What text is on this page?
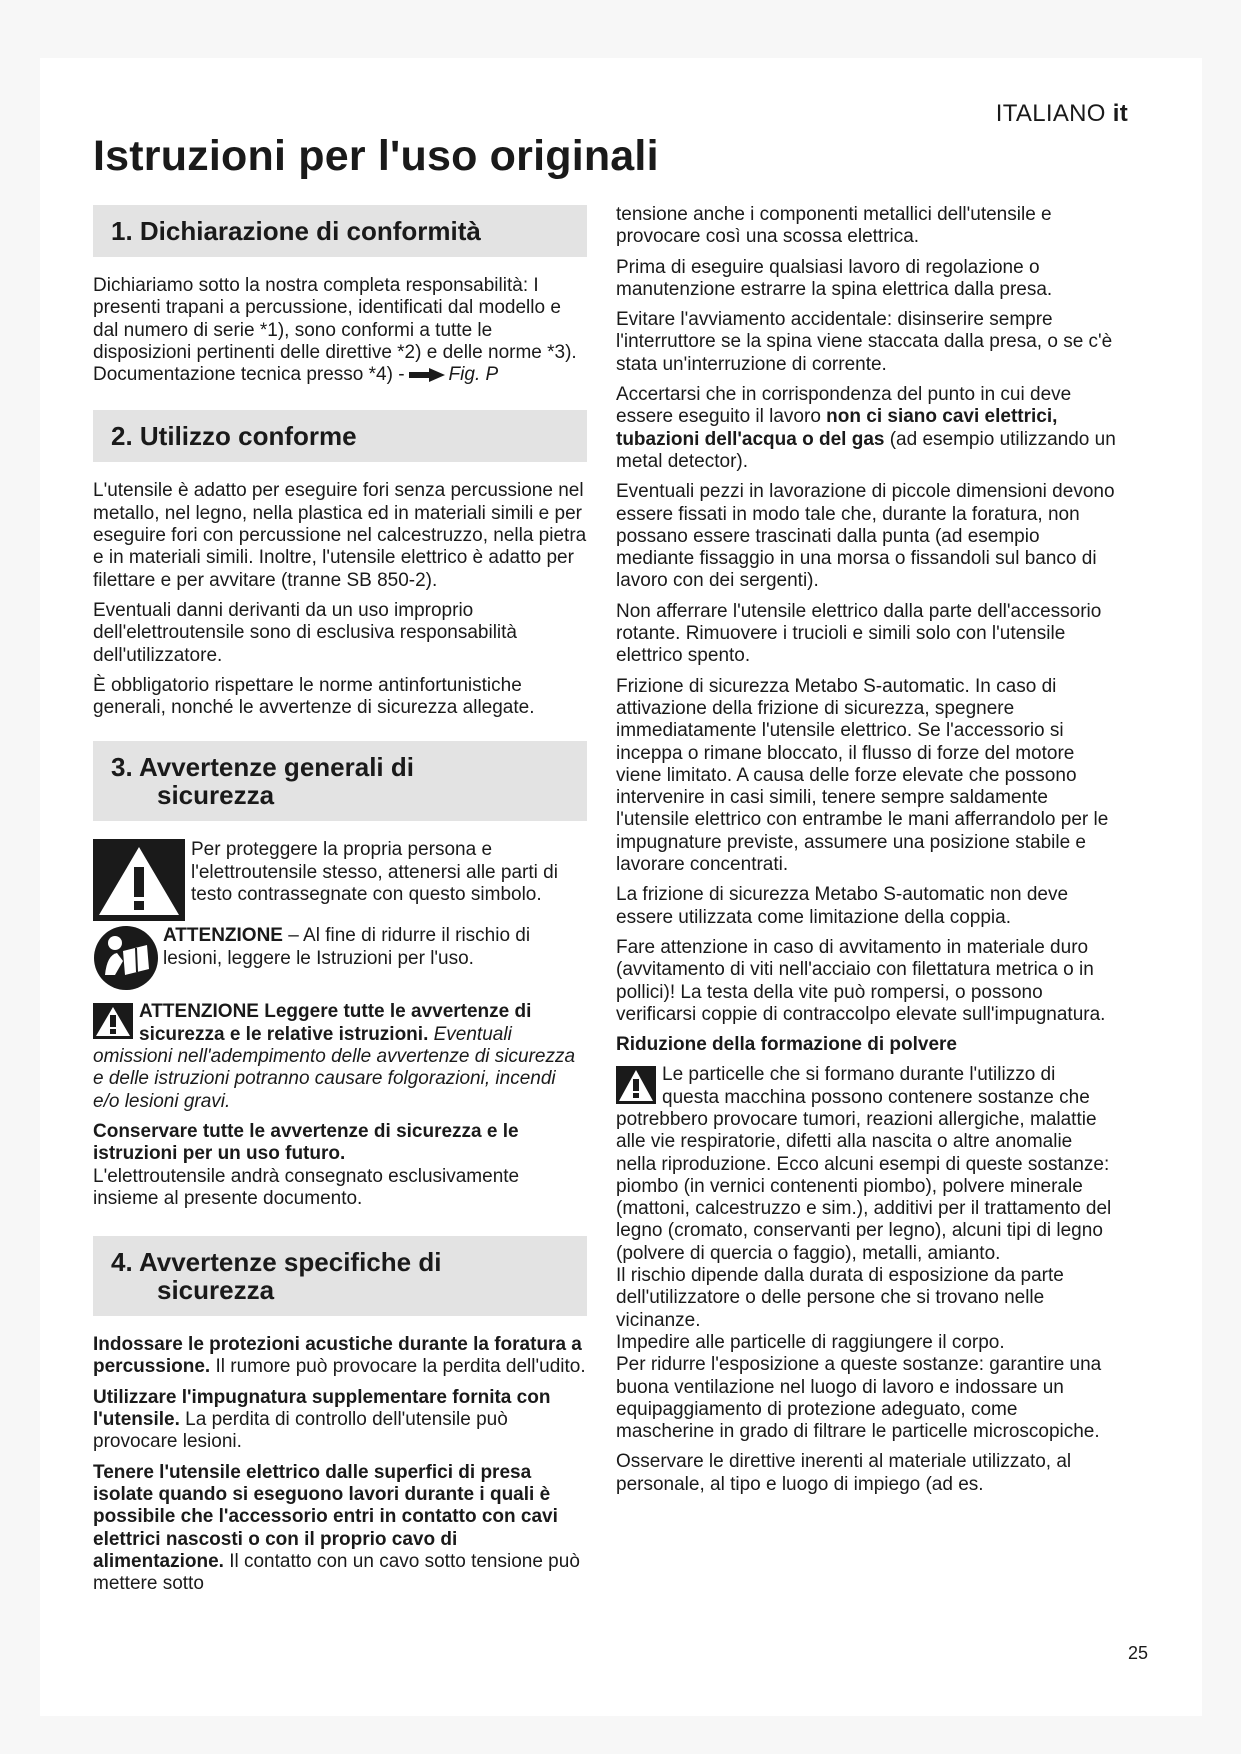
ITALIANO it
Istruzioni per l'uso originali
1. Dichiarazione di conformità

Dichiariamo sotto la nostra completa responsabilità: I presenti trapani a percussione, identificati dal modello e dal numero di serie *1), sono conformi a tutte le disposizioni pertinenti delle direttive *2) e delle norme *3). Documentazione tecnica presso *4) - Fig. P

2. Utilizzo conforme

L'utensile è adatto per eseguire fori senza percussione nel metallo, nel legno, nella plastica ed in materiali simili e per eseguire fori con percussione nel calcestruzzo, nella pietra e in materiali simili. Inoltre, l'utensile elettrico è adatto per filettare e per avvitare (tranne SB 850-2).

Eventuali danni derivanti da un uso improprio dell'elettroutensile sono di esclusiva responsabilità dell'utilizzatore.

È obbligatorio rispettare le norme antinfortunistiche generali, nonché le avvertenze di sicurezza allegate.

3. Avvertenze generali di
sicurezza
Per proteggere la propria persona e l'elettroutensile stesso, attenersi alle parti di testo contrassegnate con questo simbolo.
ATTENZIONE – Al fine di ridurre il rischio di lesioni, leggere le Istruzioni per l'uso.
ATTENZIONE Leggere tutte le avvertenze di sicurezza e le relative istruzioni. Eventuali omissioni nell'adempimento delle avvertenze di sicurezza e delle istruzioni potranno causare folgorazioni, incendi e/o lesioni gravi.
Conservare tutte le avvertenze di sicurezza e le istruzioni per un uso futuro.

L'elettroutensile andrà consegnato esclusivamente insieme al presente documento.

4. Avvertenze specifiche di
sicurezza

Indossare le protezioni acustiche durante la foratura a percussione. Il rumore può provocare la perdita dell'udito.

Utilizzare l'impugnatura supplementare fornita con l'utensile. La perdita di controllo dell'utensile può provocare lesioni.

Tenere l'utensile elettrico dalle superfici di presa isolate quando si eseguono lavori durante i quali è possibile che l'accessorio entri in contatto con cavi elettrici nascosti o con il proprio cavo di alimentazione. Il contatto con un cavo sotto tensione può mettere sotto

tensione anche i componenti metallici dell'utensile e provocare così una scossa elettrica.

Prima di eseguire qualsiasi lavoro di regolazione o manutenzione estrarre la spina elettrica dalla presa.

Evitare l'avviamento accidentale: disinserire sempre l'interruttore se la spina viene staccata dalla presa, o se c'è stata un'interruzione di corrente.

Accertarsi che in corrispondenza del punto in cui deve essere eseguito il lavoro non ci siano cavi elettrici, tubazioni dell'acqua o del gas (ad esempio utilizzando un metal detector).

Eventuali pezzi in lavorazione di piccole dimensioni devono essere fissati in modo tale che, durante la foratura, non possano essere trascinati dalla punta (ad esempio mediante fissaggio in una morsa o fissandoli sul banco di lavoro con dei sergenti).

Non afferrare l'utensile elettrico dalla parte dell'accessorio rotante. Rimuovere i trucioli e simili solo con l'utensile elettrico spento.

Frizione di sicurezza Metabo S-automatic. In caso di attivazione della frizione di sicurezza, spegnere immediatamente l'utensile elettrico. Se l'accessorio si inceppa o rimane bloccato, il flusso di forze del motore viene limitato. A causa delle forze elevate che possono intervenire in casi simili, tenere sempre saldamente l'utensile elettrico con entrambe le mani afferrandolo per le impugnature previste, assumere una posizione stabile e lavorare concentrati.

La frizione di sicurezza Metabo S-automatic non deve essere utilizzata come limitazione della coppia.

Fare attenzione in caso di avvitamento in materiale duro (avvitamento di viti nell'acciaio con filettatura metrica o in pollici)! La testa della vite può rompersi, o possono verificarsi coppie di contraccolpo elevate sull'impugnatura.

Riduzione della formazione di polvere

Le particelle che si formano durante l'utilizzo di questa macchina possono contenere sostanze che potrebbero provocare tumori, reazioni allergiche, malattie alle vie respiratorie, difetti alla nascita o altre anomalie nella riproduzione. Ecco alcuni esempi di queste sostanze: piombo (in vernici contenenti piombo), polvere minerale (mattoni, calcestruzzo e sim.), additivi per il trattamento del legno (cromato, conservanti per legno), alcuni tipi di legno (polvere di quercia o faggio), metalli, amianto.
Il rischio dipende dalla durata di esposizione da parte dell'utilizzatore o delle persone che si trovano nelle vicinanze.
Impedire alle particelle di raggiungere il corpo.

Per ridurre l'esposizione a queste sostanze: garantire una buona ventilazione nel luogo di lavoro e indossare un equipaggiamento di protezione adeguato, come mascherine in grado di filtrare le particelle microscopiche.

Osservare le direttive inerenti al materiale utilizzato, al personale, al tipo e luogo di impiego (ad es.

25
